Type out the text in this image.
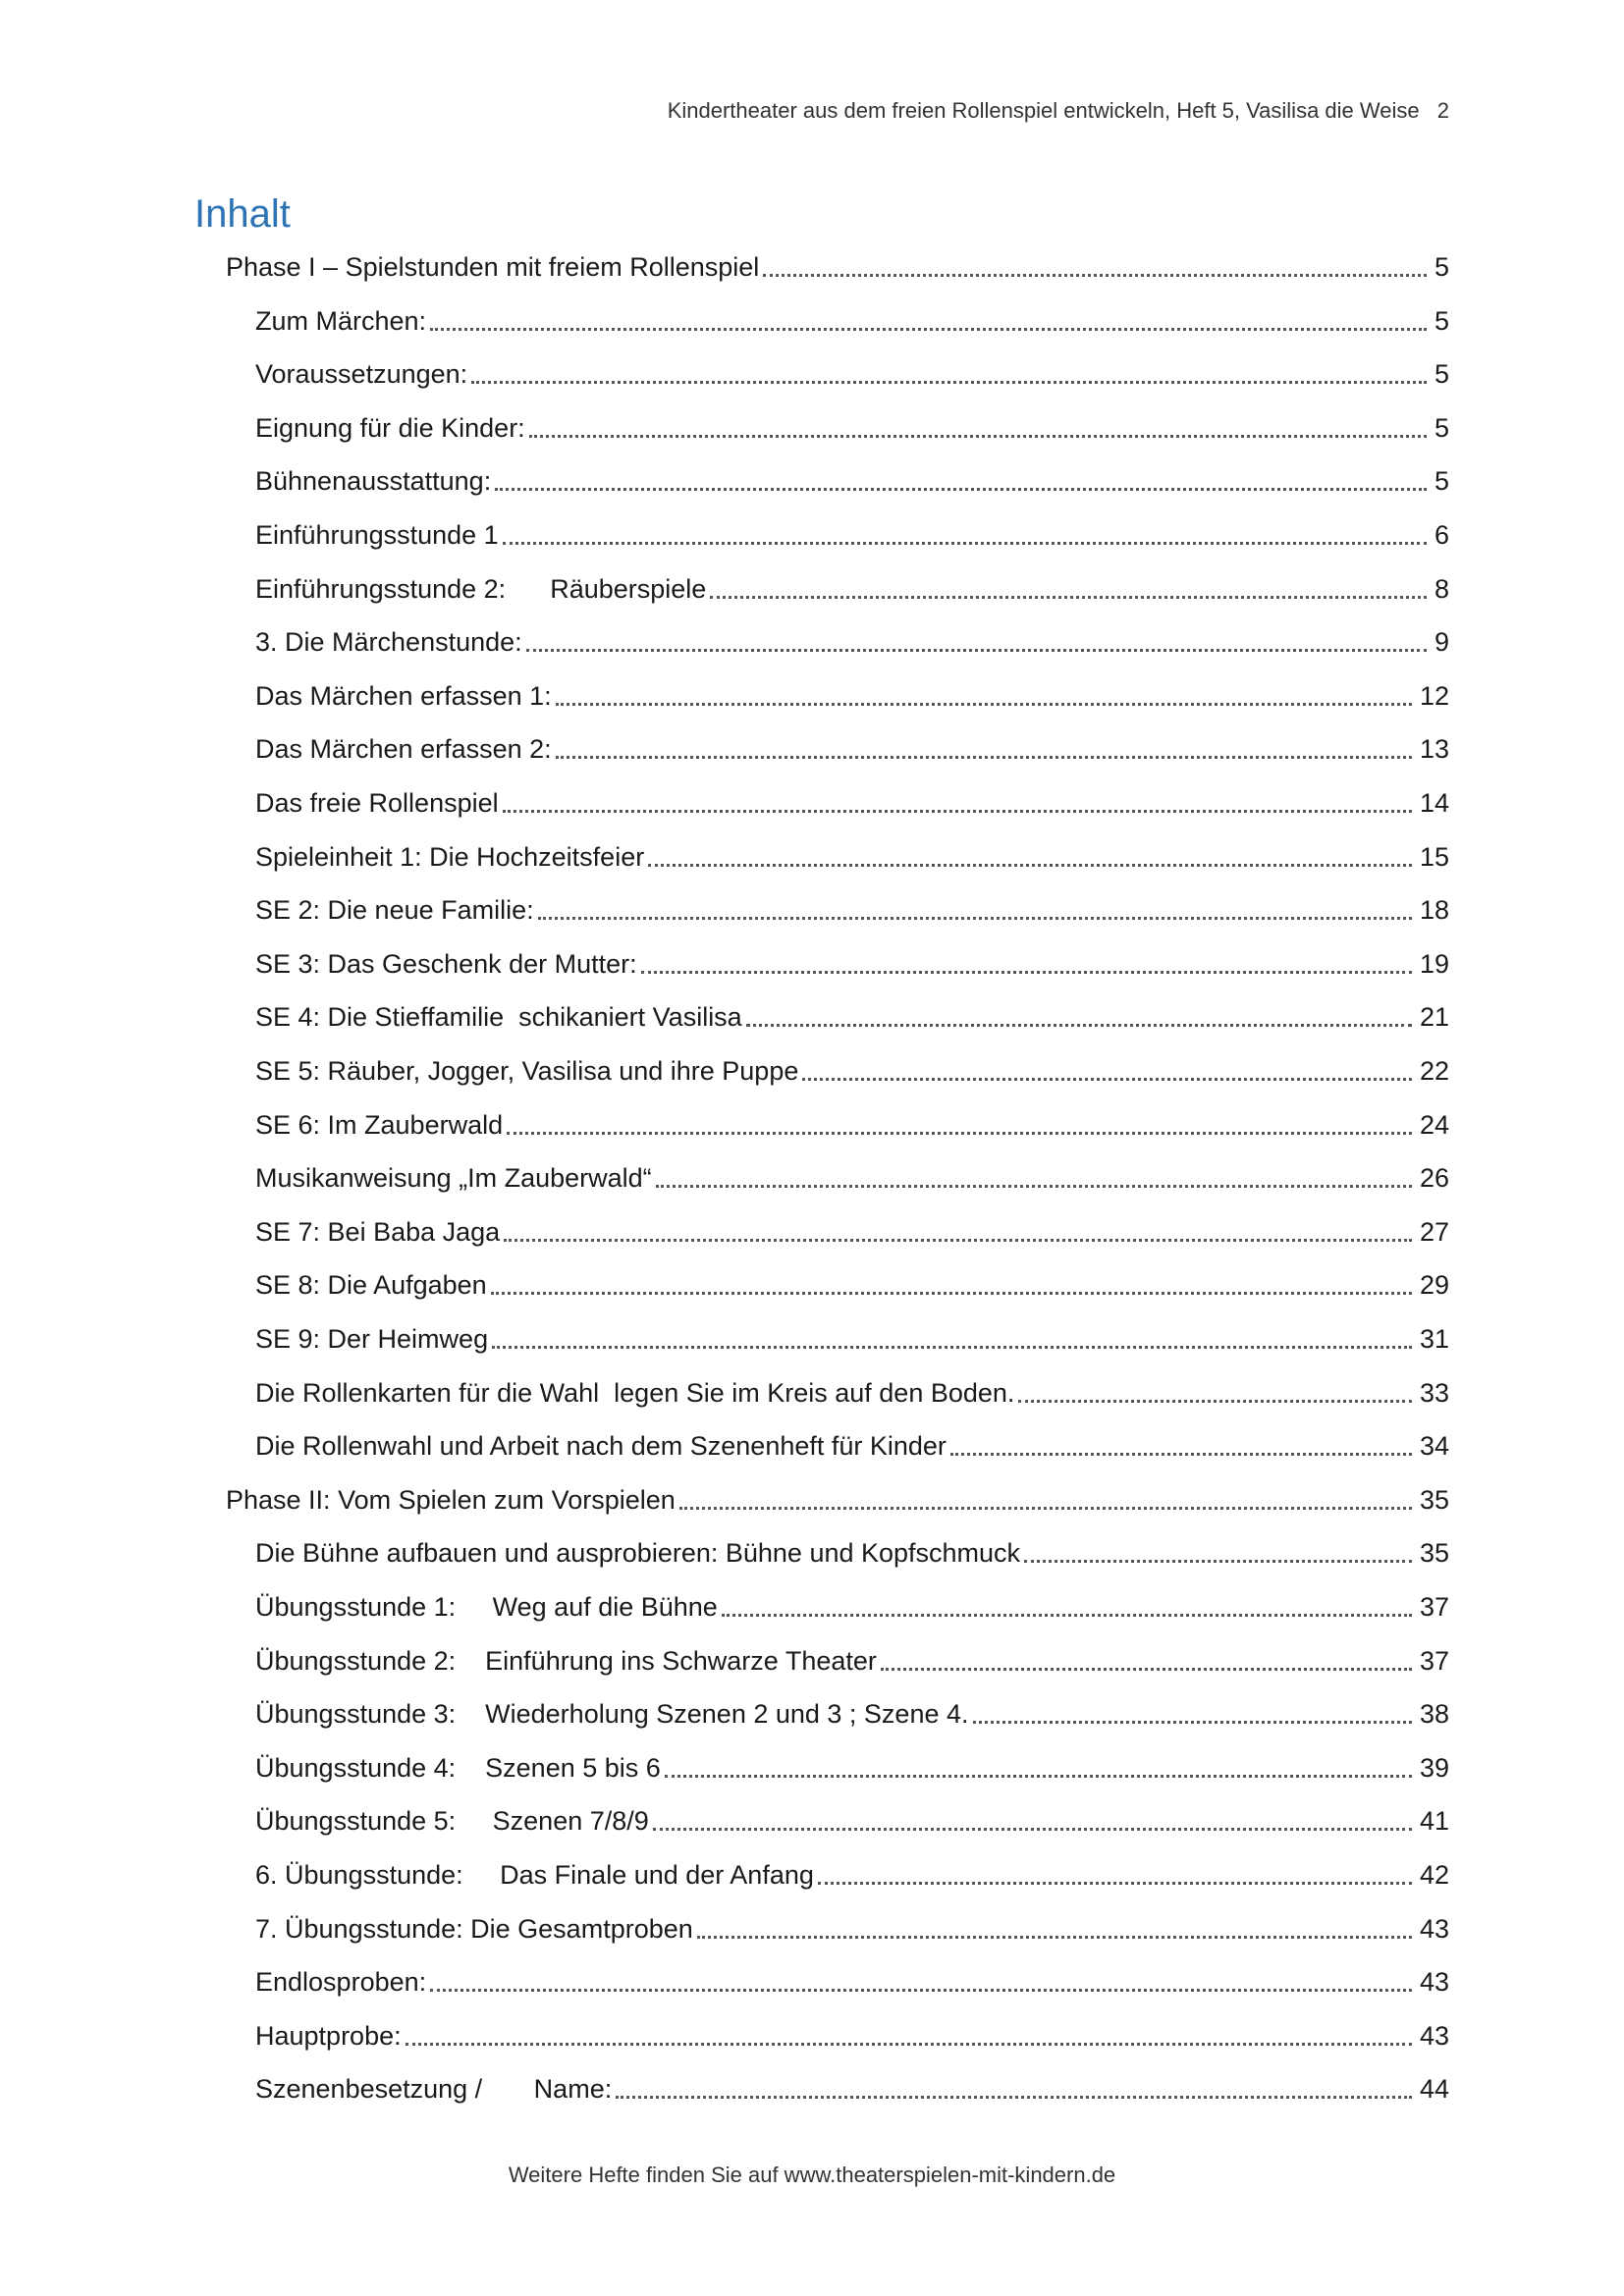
Kindertheater aus dem freien Rollenspiel entwickeln, Heft 5, Vasilisa die Weise 2
Inhalt
Phase I – Spielstunden mit freiem Rollenspiel	5
Zum Märchen:	5
Voraussetzungen:	5
Eignung für die Kinder:	5
Bühnenausstattung:	5
Einführungsstunde 1	6
Einführungsstunde 2:      Räuberspiele	8
3. Die Märchenstunde:	9
Das Märchen erfassen 1:	12
Das Märchen erfassen 2:	13
Das freie Rollenspiel	14
Spieleinheit 1: Die Hochzeitsfeier	15
SE 2: Die neue Familie:	18
SE 3: Das Geschenk der Mutter:	19
SE 4: Die Stieffamilie  schikaniert Vasilisa	21
SE 5: Räuber, Jogger, Vasilisa und ihre Puppe	22
SE 6: Im Zauberwald	24
Musikanweisung „Im Zauberwald“	26
SE 7: Bei Baba Jaga	27
SE 8: Die Aufgaben	29
SE 9: Der Heimweg	31
Die Rollenkarten für die Wahl  legen Sie im Kreis auf den Boden.	33
Die Rollenwahl und Arbeit nach dem Szenenheft für Kinder	34
Phase II: Vom Spielen zum Vorspielen	35
Die Bühne aufbauen und ausprobieren: Bühne und Kopfschmuck	35
Übungsstunde 1:     Weg auf die Bühne	37
Übungsstunde 2:    Einführung ins Schwarze Theater	37
Übungsstunde 3:    Wiederholung Szenen 2 und 3 ; Szene 4.	38
Übungsstunde 4:    Szenen 5 bis 6	39
Übungsstunde 5:     Szenen 7/8/9	41
6. Übungsstunde:     Das Finale und der Anfang	42
7. Übungsstunde: Die Gesamtproben	43
Endlosproben:	43
Hauptprobe:	43
Szenenbesetzung /       Name:	44
Weitere Hefte finden Sie auf www.theaterspielen-mit-kindern.de
